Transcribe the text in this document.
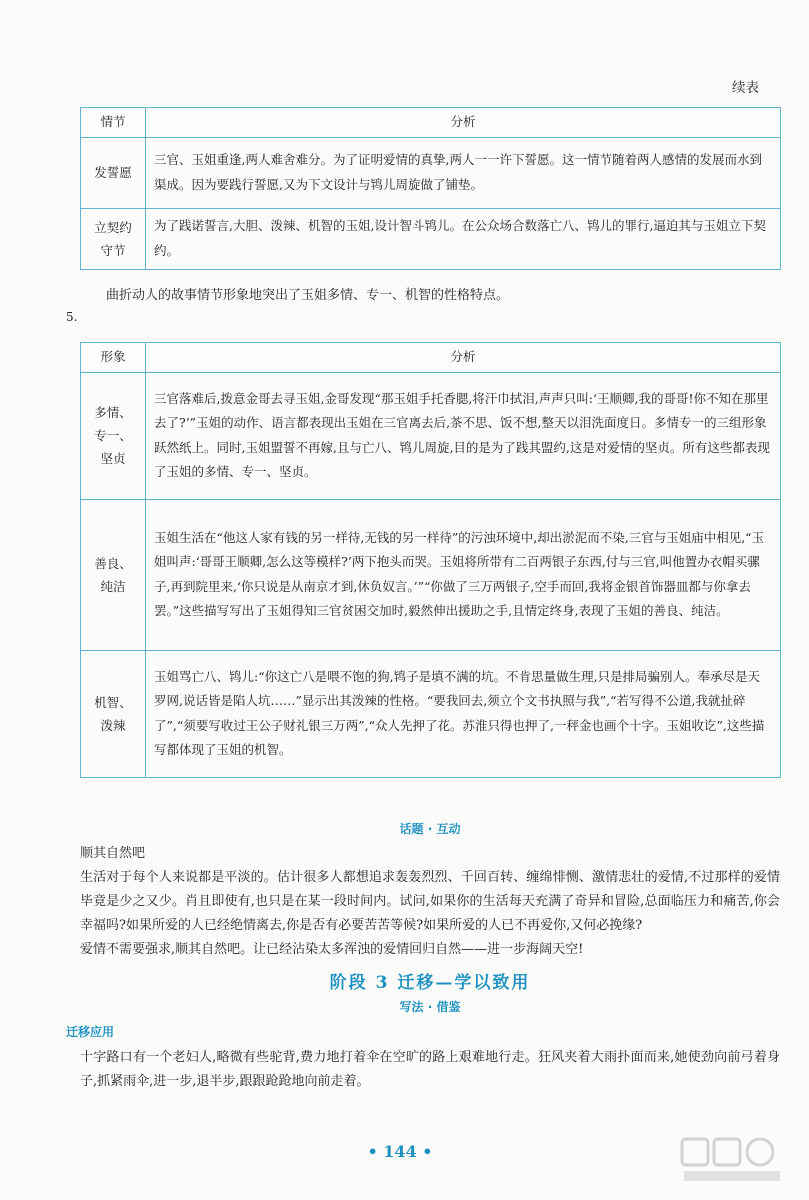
续表
情节	分析
发誓愿	三官、玉姐重逢,两人难舍难分。为了证明爱情的真挚,两人一一许下誓愿。这一情节随着两人感情的发展而水到渠成。因为要践行誓愿,又为下文设计与鸨儿周旋做了铺垫。
立契约守节	为了践诺誓言,大胆、泼辣、机智的玉姐,设计智斗鸨儿。在公众场合数落亡八、鸨儿的罪行,逼迫其与玉姐立下契约。
曲折动人的故事情节形象地突出了玉姐多情、专一、机智的性格特点。
5.
形象	分析
多情、专一、坚贞	三官落难后,拨意金哥去寻玉姐,金哥发现“那玉姐手托香腮,将汗巾拭泪,声声只叫:‘王顺卿,我的哥哥!你不知在那里去了?’”玉姐的动作、语言都表现出玉姐在三官离去后,茶不思、饭不想,整天以泪洗面度日。多情专一的三组形象跃然纸上。同时,玉姐盟誓不再嫁,且与亡八、鸨儿周旋,目的是为了践其盟约,这是对爱情的坚贞。所有这些都表现了玉姐的多情、专一、坚贞。
善良、纯洁	玉姐生活在“他这人家有钱的另一样待,无钱的另一样待”的污浊环境中,却出淤泥而不染,三官与玉姐庙中相见,“玉姐叫声:‘哥哥王顺卿,怎么这等模样?’两下抱头而哭。玉姐将所带有二百两银子东西,付与三官,叫他置办衣帽买骡子,再到院里来,‘你只说是从南京才到,休负奴言。’”“你做了三万两银子,空手而回,我将金银首饰器皿都与你拿去罢。”这些描写写出了玉姐得知三官贫困交加时,毅然伸出援助之手,且情定终身,表现了玉姐的善良、纯洁。
机智、泼辣	玉姐骂亡八、鸨儿:“你这亡八是喂不饱的狗,鸨子是填不满的坑。不肯思量做生理,只是排局骗别人。奉承尽是天罗网,说话皆是陷人坑……”显示出其泼辣的性格。“要我回去,须立个文书执照与我”,“若写得不公道,我就扯碎了”,“须要写收过王公子财礼银三万两”,“众人先押了花。苏淮只得也押了,一秤金也画个十字。玉姐收讫”,这些描写都体现了玉姐的机智。
话题 · 互动
顺其自然吧
生活对于每个人来说都是平淡的。估计很多人都想追求轰轰烈烈、千回百转、缠绵悱恻、激情悲壮的爱情,不过那样的爱情毕竟是少之又少。肖且即使有,也只是在某一段时间内。试问,如果你的生活每天充满了奇异和冒险,总面临压力和痛苦,你会幸福吗?如果所爱的人已经绝情离去,你是否有必要苦苦等候?如果所爱的人已不再爱你,又何必挽缘?
爱情不需要强求,顺其自然吧。让已经沾染太多浑浊的爱情回归自然——进一步海阔天空!
阶段 3 迁移—学以致用
写法 · 借鉴
迁移应用
十字路口有一个老妇人,略微有些驼背,费力地打着伞在空旷的路上艰难地行走。狂风夹着大雨扑面而来,她使劲向前弓着身子,抓紧雨伞,进一步,退半步,跟跟跄跄地向前走着。
• 144 •
